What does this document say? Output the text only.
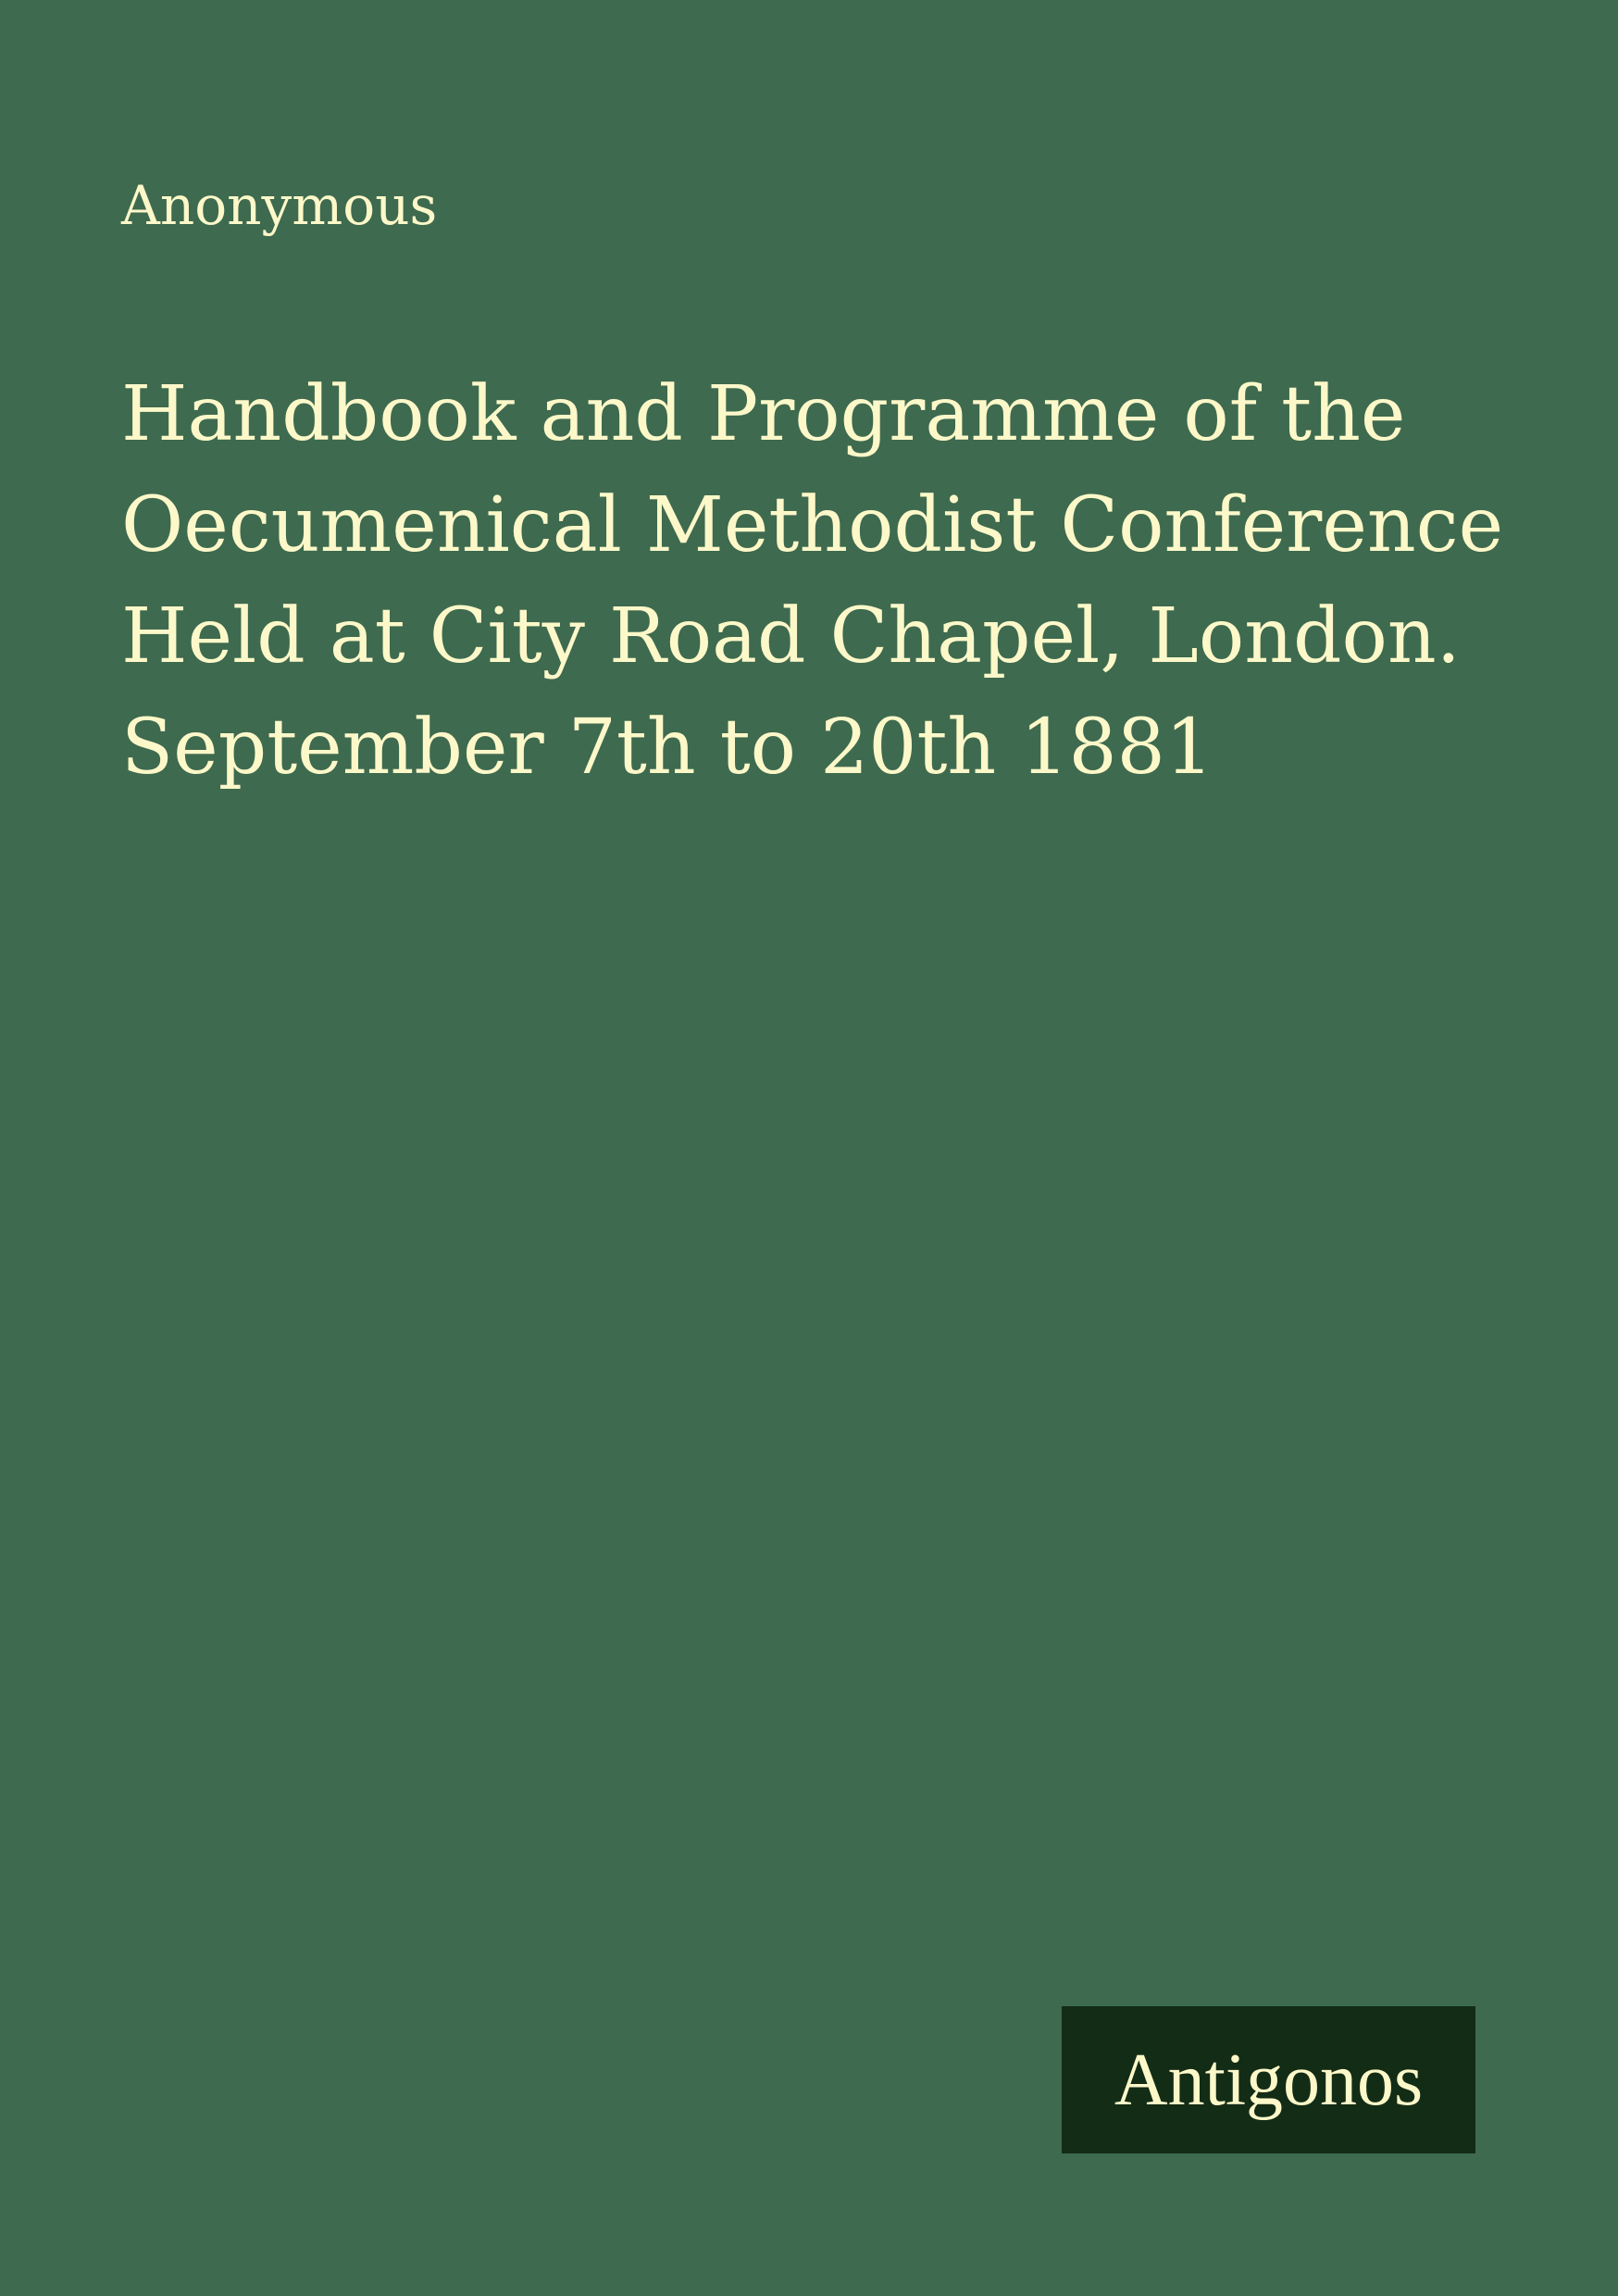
Anonymous
Handbook and Programme of the
Oecumenical Methodist Conference
Held at City Road Chapel, London.
September 7th to 20th 1881
Antigonos
